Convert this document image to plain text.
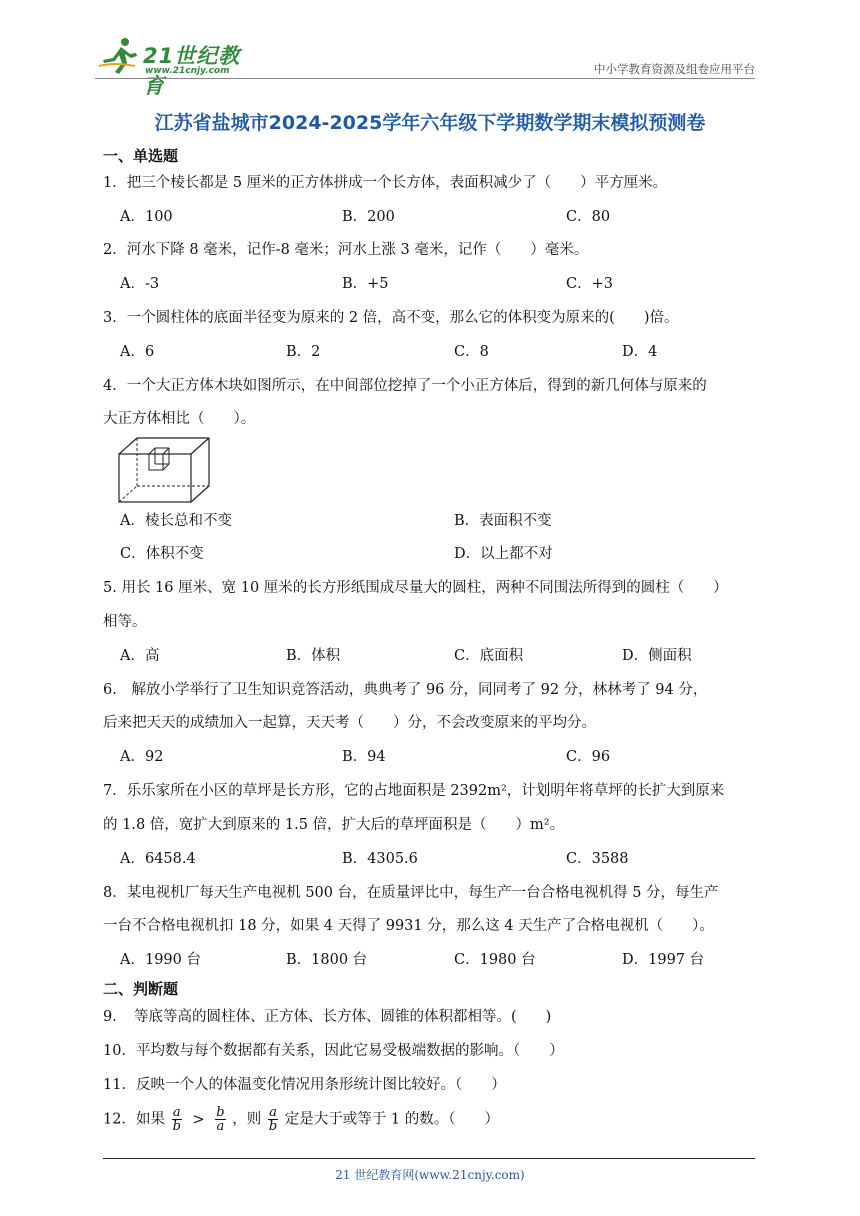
21世纪教育
www.21cnjy.com	中小学教育资源及组卷应用平台
江苏省盐城市2024-2025学年六年级下学期数学期末模拟预测卷
一、单选题
1．把三个棱长都是 5 厘米的正方体拼成一个长方体，表面积减少了（　　）平方厘米。
A．100	B．200	C．80
2．河水下降 8 毫米，记作-8 毫米；河水上涨 3 毫米，记作（　　）毫米。
A．-3	B．+5	C．+3
3．一个圆柱体的底面半径变为原来的 2 倍，高不变，那么它的体积变为原来的(　　)倍。
A．6	B．2	C．8	D．4
4．一个大正方体木块如图所示，在中间部位挖掉了一个小正方体后，得到的新几何体与原来的
大正方体相比（　　）。
A．棱长总和不变	B．表面积不变
C．体积不变	D．以上都不对
5. 用长 16 厘米、宽 10 厘米的长方形纸围成尽量大的圆柱，两种不同围法所得到的圆柱（　　）
相等。
A．高	B．体积	C．底面积	D．侧面积
6.　解放小学举行了卫生知识竞答活动，典典考了 96 分，同同考了 92 分，林林考了 94 分，
后来把天天的成绩加入一起算，天天考（　　）分，不会改变原来的平均分。
A．92	B．94	C．96
7．乐乐家所在小区的草坪是长方形，它的占地面积是 2392m²，计划明年将草坪的长扩大到原来
的 1.8 倍，宽扩大到原来的 1.5 倍，扩大后的草坪面积是（　　）m²。
A．6458.4	B．4305.6	C．3588
8．某电视机厂每天生产电视机 500 台，在质量评比中，每生产一台合格电视机得 5 分，每生产
一台不合格电视机扣 18 分，如果 4 天得了 9931 分，那么这 4 天生产了合格电视机（　　）。
A．1990 台	B．1800 台	C．1980 台	D．1997 台
二、判断题
9．　等底等高的圆柱体、正方体、长方体、圆锥的体积都相等。(　　)
10．平均数与每个数据都有关系，因此它易受极端数据的影响。（　　）
11．反映一个人的体温变化情况用条形统计图比较好。（　　）
12．如果 $\frac{a}{b} > \frac{b}{a}$ ，则 $\frac{a}{b}$ 定是大于或等于 1 的数。（　　）
21 世纪教育网(www.21cnjy.com)
